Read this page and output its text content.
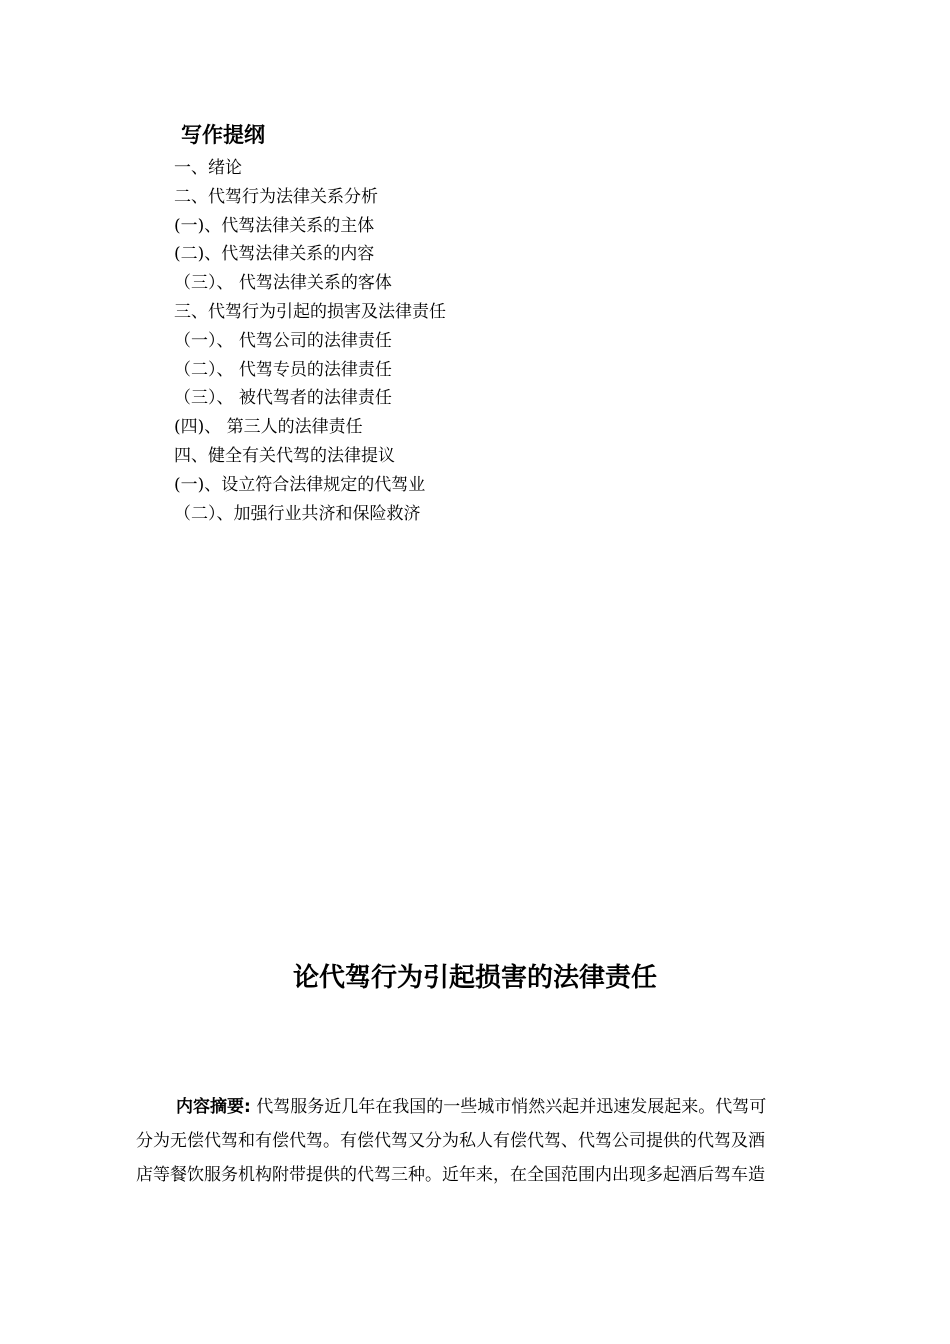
写作提纲
一、绪论
二、代驾行为法律关系分析
(一)、代驾法律关系的主体
(二)、代驾法律关系的内容
（三）、 代驾法律关系的客体
三、代驾行为引起的损害及法律责任
（一）、 代驾公司的法律责任
（二）、 代驾专员的法律责任
（三）、 被代驾者的法律责任
(四)、 第三人的法律责任
四、健全有关代驾的法律提议
(一)、设立符合法律规定的代驾业
（二）、加强行业共济和保险救济
论代驾行为引起损害的法律责任
内容摘要: 代驾服务近几年在我国的一些城市悄然兴起并迅速发展起来。代驾可
分为无偿代驾和有偿代驾。有偿代驾又分为私人有偿代驾、代驾公司提供的代驾及酒
店等餐饮服务机构附带提供的代驾三种。近年来，在全国范围内出现多起酒后驾车造
